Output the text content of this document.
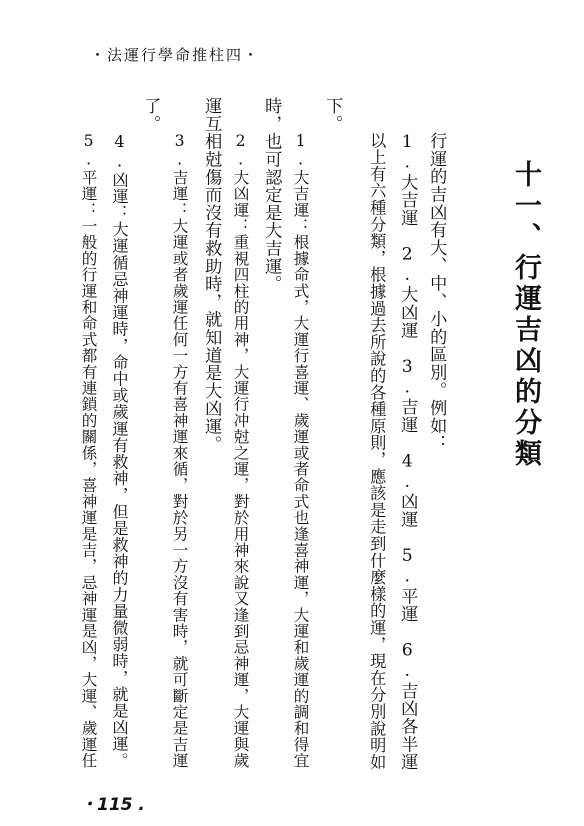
・法運行學命推柱四・
十一、行運吉凶的分類
行運的吉凶有大、中、小的區別。例如：
1.大吉運　2.大凶運　3.吉運　4.凶運　5.平運　6.吉凶各半運
以上有六種分類，根據過去所說的各種原則，應該是走到什麼樣的運，現在分別說明如
下。
1.大吉運：根據命式，大運行喜運、歲運或者命式也逢喜神運，大運和歲運的調和得宜
時，也可認定是大吉運。
2.大凶運：重視四柱的用神，大運行冲尅之運，對於用神來說又逢到忌神運，大運與歲
運互相尅傷而沒有救助時，就知道是大凶運。
3.吉運：大運或者歲運任何一方有喜神運來循，對於另一方沒有害時，就可斷定是吉運
了。
4.凶運：大運循忌神運時，命中或歲運有救神，但是救神的力量微弱時，就是凶運。
5.平運：一般的行運和命式都有連鎖的關係，喜神運是吉，忌神運是凶，大運、歲運任
・115 .
